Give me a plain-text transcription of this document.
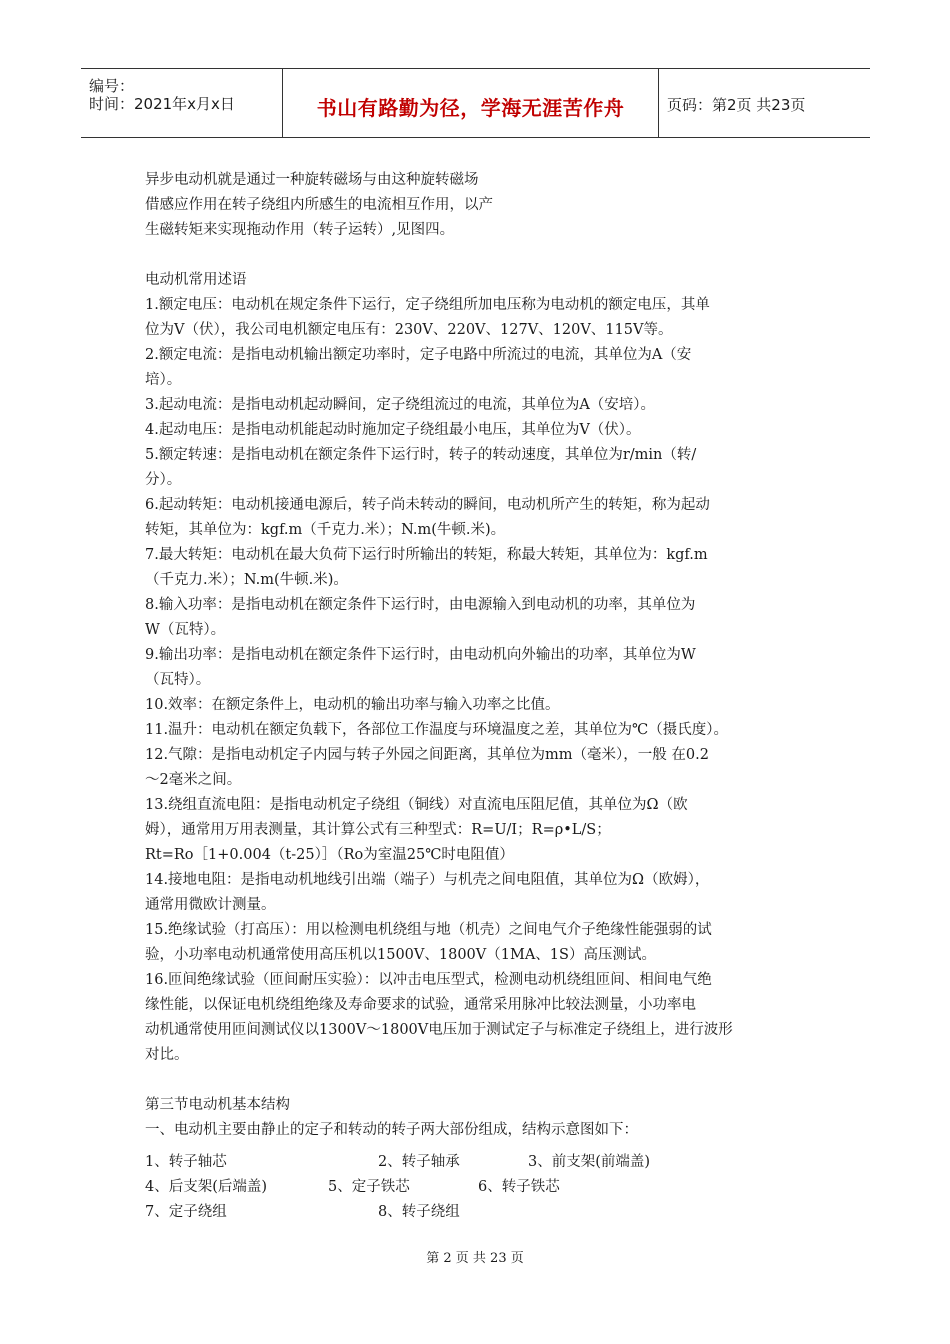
编号：
时间：2021年x月x日	书山有路勤为径，学海无涯苦作舟	页码：第2页 共23页
异步电动机就是通过一种旋转磁场与由这种旋转磁场
借感应作用在转子绕组内所感生的电流相互作用，以产
生磁转矩来实现拖动作用（转子运转）,见图四。
电动机常用述语
1.额定电压：电动机在规定条件下运行，定子绕组所加电压称为电动机的额定电压，其单
位为V（伏），我公司电机额定电压有：230V、220V、127V、120V、115V等。
2.额定电流：是指电动机输出额定功率时，定子电路中所流过的电流，其单位为A（安
培）。
3.起动电流：是指电动机起动瞬间，定子绕组流过的电流，其单位为A（安培）。
4.起动电压：是指电动机能起动时施加定子绕组最小电压，其单位为V（伏）。
5.额定转速：是指电动机在额定条件下运行时，转子的转动速度，其单位为r/min（转/
分）。
6.起动转矩：电动机接通电源后，转子尚未转动的瞬间，电动机所产生的转矩，称为起动
转矩，其单位为：kgf.m（千克力.米）；N.m(牛顿.米)。
7.最大转矩：电动机在最大负荷下运行时所输出的转矩，称最大转矩，其单位为：kgf.m
（千克力.米）；N.m(牛顿.米)。
8.输入功率：是指电动机在额定条件下运行时，由电源输入到电动机的功率，其单位为
W（瓦特）。
9.输出功率：是指电动机在额定条件下运行时，由电动机向外输出的功率，其单位为W
（瓦特）。
10.效率：在额定条件上，电动机的输出功率与输入功率之比值。
11.温升：电动机在额定负载下，各部位工作温度与环境温度之差，其单位为℃（摄氏度）。
12.气隙：是指电动机定子内园与转子外园之间距离，其单位为mm（毫米），一般 在0.2
～2毫米之间。
13.绕组直流电阻：是指电动机定子绕组（铜线）对直流电压阻尼值，其单位为Ω（欧
姆），通常用万用表测量，其计算公式有三种型式：R=U/I；R=ρ•L/S；
Rt=Ro［1+0.004（t-25）］（Ro为室温25℃时电阻值）
14.接地电阻：是指电动机地线引出端（端子）与机壳之间电阻值，其单位为Ω（欧姆），
通常用微欧计测量。
15.绝缘试验（打高压）：用以检测电机绕组与地（机壳）之间电气介子绝缘性能强弱的试
验，小功率电动机通常使用高压机以1500V、1800V（1MA、1S）高压测试。
16.匝间绝缘试验（匝间耐压实验）：以冲击电压型式，检测电动机绕组匝间、相间电气绝
缘性能，以保证电机绕组绝缘及寿命要求的试验，通常采用脉冲比较法测量，小功率电
动机通常使用匝间测试仪以1300V～1800V电压加于测试定子与标准定子绕组上，进行波形
对比。
第三节电动机基本结构
一、电动机主要由静止的定子和转动的转子两大部份组成，结构示意图如下：
1、转子轴芯	2、转子轴承	3、前支架(前端盖)
4、后支架(后端盖)	5、定子铁芯	6、转子铁芯
7、定子绕组	8、转子绕组
第 2 页 共 23 页
